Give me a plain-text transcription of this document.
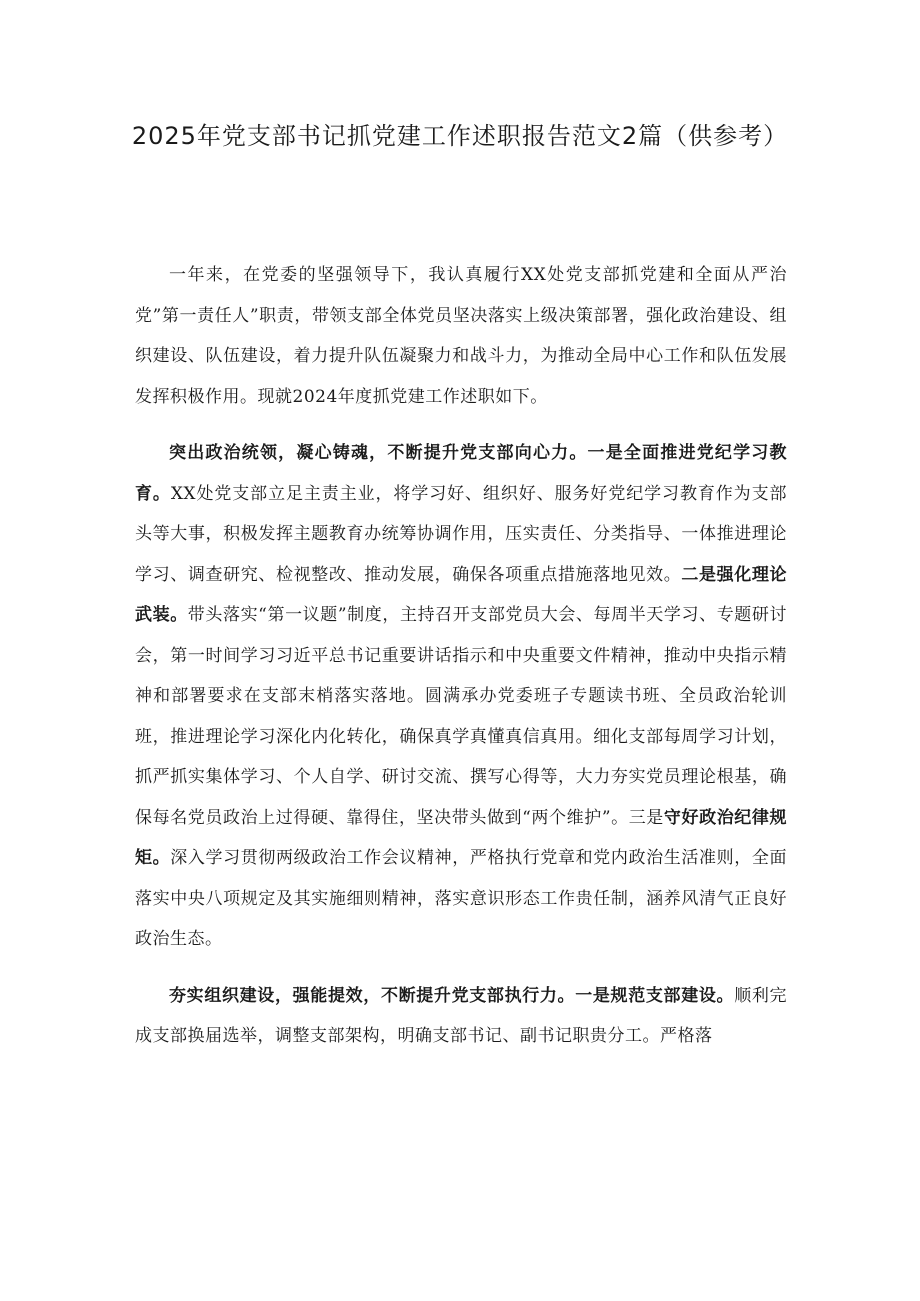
2025年党支部书记抓党建工作述职报告范文2篇（供参考）

一年来，在党委的坚强领导下，我认真履行XX处党支部抓党建和全面从严治党”第一责任人”职责，带领支部全体党员坚决落实上级决策部署，强化政治建设、组织建设、队伍建设，着力提升队伍凝聚力和战斗力，为推动全局中心工作和队伍发展发挥积极作用。现就2024年度抓党建工作述职如下。

突出政治统领，凝心铸魂，不断提升党支部向心力。一是全面推进党纪学习教育。XX处党支部立足主责主业，将学习好、组织好、服务好党纪学习教育作为支部头等大事，积极发挥主题教育办统筹协调作用，压实责任、分类指导、一体推进理论学习、调查研究、检视整改、推动发展，确保各项重点措施落地见效。二是强化理论武装。带头落实“第一议题”制度，主持召开支部党员大会、每周半天学习、专题研讨会，第一时间学习习近平总书记重要讲话指示和中央重要文件精神，推动中央指示精神和部署要求在支部末梢落实落地。圆满承办党委班子专题读书班、全员政治轮训班，推进理论学习深化内化转化，确保真学真懂真信真用。细化支部每周学习计划，抓严抓实集体学习、个人自学、研讨交流、撰写心得等，大力夯实党员理论根基，确保每名党员政治上过得硬、靠得住，坚决带头做到“两个维护”。三是守好政治纪律规矩。深入学习贯彻两级政治工作会议精神，严格执行党章和党内政治生活准则，全面落实中央八项规定及其实施细则精神，落实意识形态工作贵任制，涵养风清气正良好政治生态。

夯实组织建设，强能提效，不断提升党支部执行力。一是规范支部建设。顺利完成支部换届选举，调整支部架构，明确支部书记、副书记职贵分工。严格落
